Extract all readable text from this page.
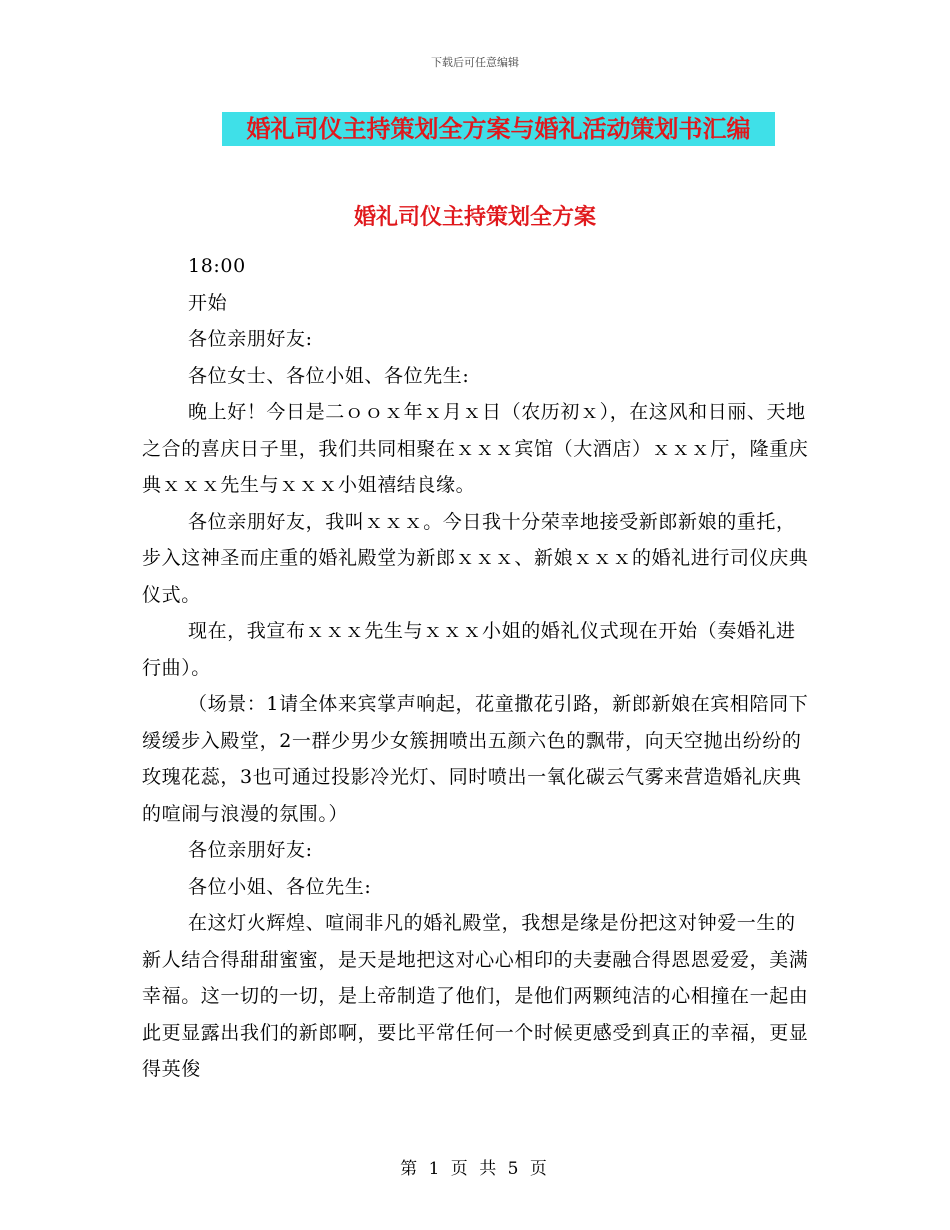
下载后可任意编辑
婚礼司仪主持策划全方案与婚礼活动策划书汇编
婚礼司仪主持策划全方案

18:00

开始

各位亲朋好友:

各位女士、各位小姐、各位先生:

晚上好！今日是二ｏｏｘ年ｘ月ｘ日（农历初ｘ），在这风和日丽、天地之合的喜庆日子里，我们共同相聚在ｘｘｘ宾馆（大酒店）ｘｘｘ厅，隆重庆典ｘｘｘ先生与ｘｘｘ小姐禧结良缘。

各位亲朋好友，我叫ｘｘｘ。今日我十分荣幸地接受新郎新娘的重托，步入这神圣而庄重的婚礼殿堂为新郎ｘｘｘ、新娘ｘｘｘ的婚礼进行司仪庆典仪式。

现在，我宣布ｘｘｘ先生与ｘｘｘ小姐的婚礼仪式现在开始（奏婚礼进行曲）。

（场景：1请全体来宾掌声响起，花童撒花引路，新郎新娘在宾相陪同下缓缓步入殿堂，2一群少男少女簇拥喷出五颜六色的飘带，向天空抛出纷纷的玫瑰花蕊，3也可通过投影冷光灯、同时喷出一氧化碳云气雾来营造婚礼庆典的喧闹与浪漫的氛围。）

各位亲朋好友:

各位小姐、各位先生:

在这灯火辉煌、喧闹非凡的婚礼殿堂，我想是缘是份把这对钟爱一生的新人结合得甜甜蜜蜜，是天是地把这对心心相印的夫妻融合得恩恩爱爱，美满幸福。这一切的一切，是上帝制造了他们，是他们两颗纯洁的心相撞在一起由此更显露出我们的新郎啊，要比平常任何一个时候更感受到真正的幸福，更显得英俊

第 1 页 共 5 页
